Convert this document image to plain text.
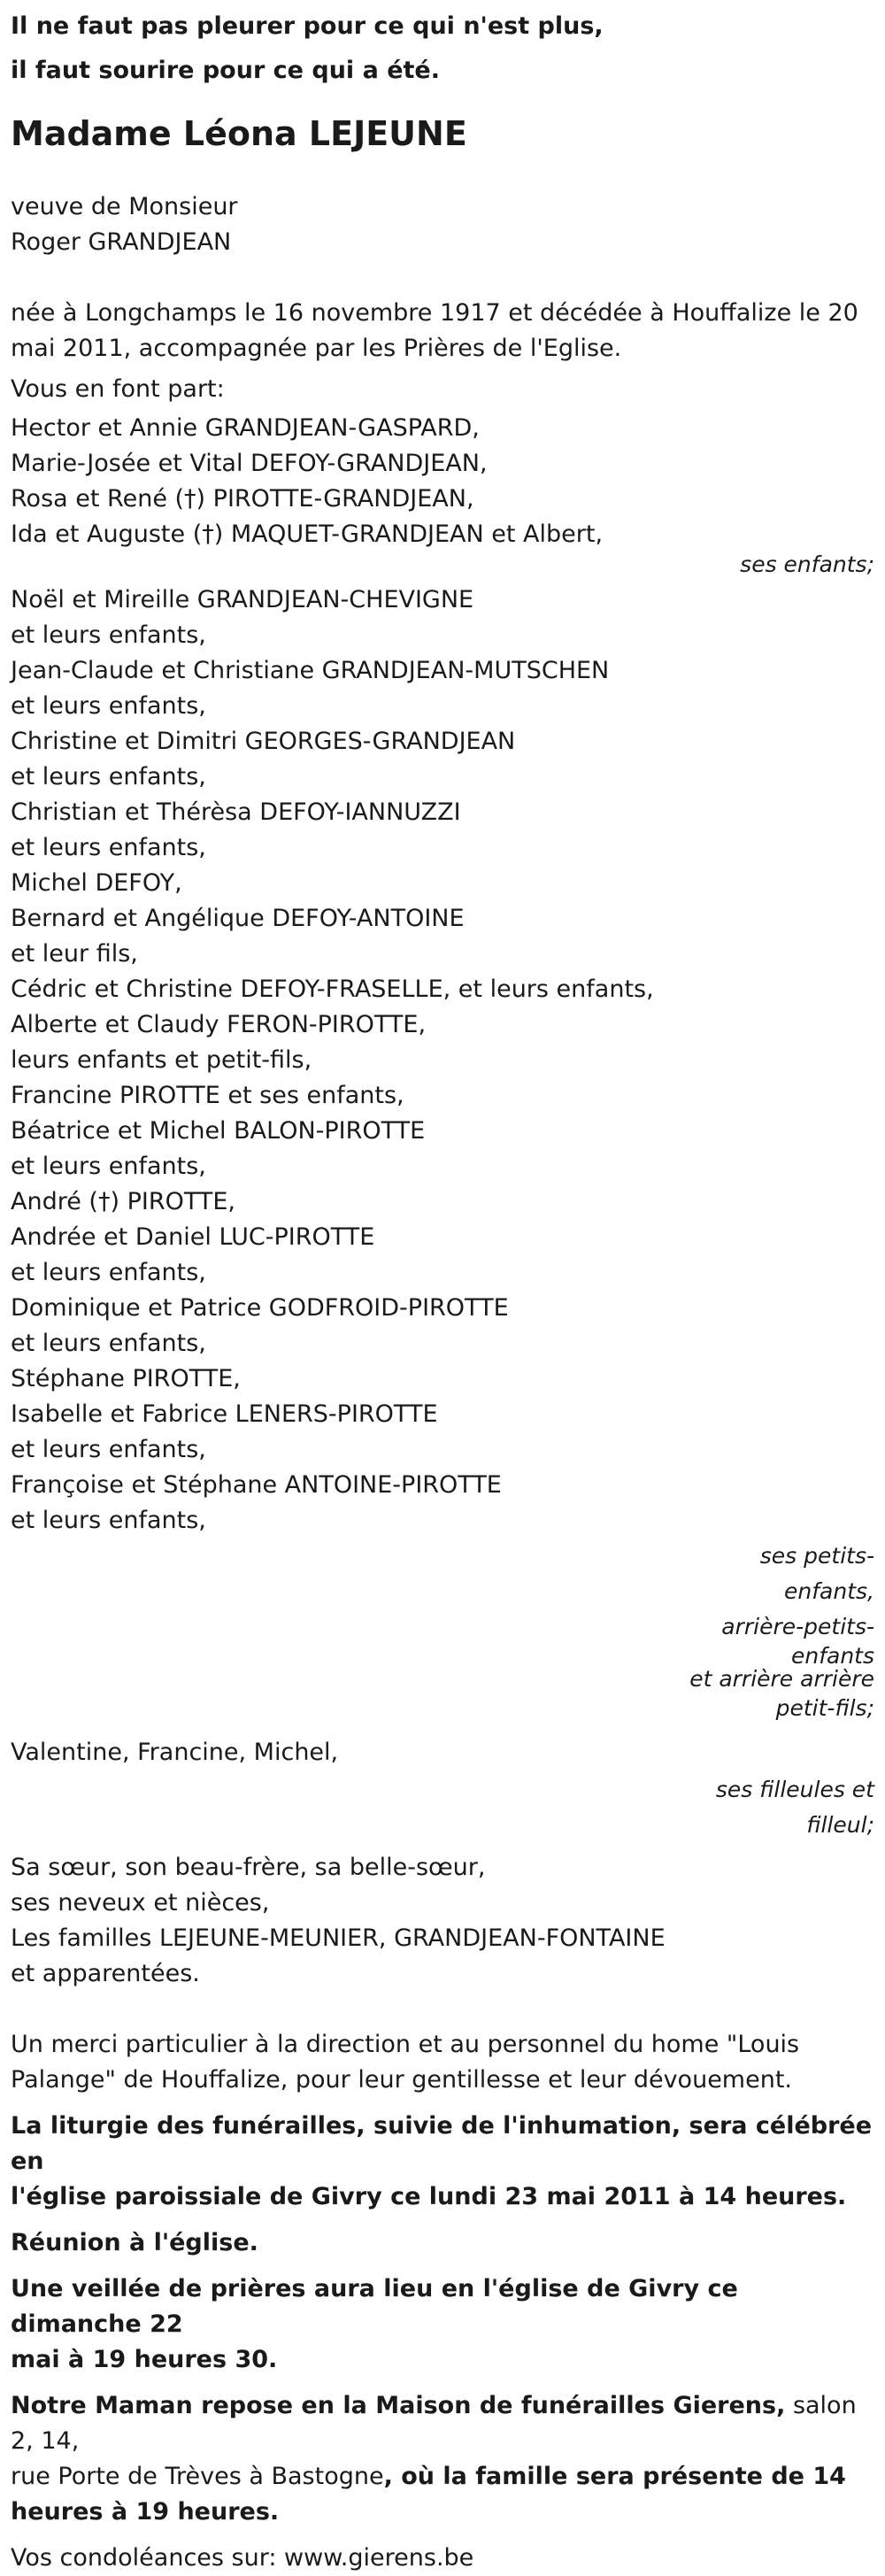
Il ne faut pas pleurer pour ce qui n'est plus,

il faut sourire pour ce qui a été.

Madame Léona LEJEUNE

veuve de Monsieur

Roger GRANDJEAN

née à Longchamps le 16 novembre 1917 et décédée à Houffalize le 20

mai 2011, accompagnée par les Prières de l'Eglise.

Vous en font part:

Hector et Annie GRANDJEAN-GASPARD,

Marie-Josée et Vital DEFOY-GRANDJEAN,

Rosa et René (†) PIROTTE-GRANDJEAN,

Ida et Auguste (†) MAQUET-GRANDJEAN et Albert,

ses enfants;

Noël et Mireille GRANDJEAN-CHEVIGNE

et leurs enfants,

Jean-Claude et Christiane GRANDJEAN-MUTSCHEN

et leurs enfants,

Christine et Dimitri GEORGES-GRANDJEAN

et leurs enfants,

Christian et Thérèsa DEFOY-IANNUZZI

et leurs enfants,

Michel DEFOY,

Bernard et Angélique DEFOY-ANTOINE

et leur fils,

Cédric et Christine DEFOY-FRASELLE, et leurs enfants,

Alberte et Claudy FERON-PIROTTE,

leurs enfants et petit-fils,

Francine PIROTTE et ses enfants,

Béatrice et Michel BALON-PIROTTE

et leurs enfants,

André (†) PIROTTE,

Andrée et Daniel LUC-PIROTTE

et leurs enfants,

Dominique et Patrice GODFROID-PIROTTE

et leurs enfants,

Stéphane PIROTTE,

Isabelle et Fabrice LENERS-PIROTTE

et leurs enfants,

Françoise et Stéphane ANTOINE-PIROTTE

et leurs enfants,

ses petits-enfants,

arrière-petits-

enfants

et arrière arrière

petit-fils;

Valentine, Francine, Michel,

ses filleules et

filleul;

Sa sœur, son beau-frère, sa belle-sœur,

ses neveux et nièces,

Les familles LEJEUNE-MEUNIER, GRANDJEAN-FONTAINE

et apparentées.

Un merci particulier à la direction et au personnel du home "Louis

Palange" de Houffalize, pour leur gentillesse et leur dévouement.

La liturgie des funérailles, suivie de l'inhumation, sera célébrée en

l'église paroissiale de Givry ce lundi 23 mai 2011 à 14 heures.

Réunion à l'église.

Une veillée de prières aura lieu en l'église de Givry ce dimanche 22

mai à 19 heures 30.

Notre Maman repose en la Maison de funérailles Gierens, salon 2, 14,

rue Porte de Trèves à Bastogne, où la famille sera présente de 14

heures à 19 heures.

Vos condoléances sur: www.gierens.be
